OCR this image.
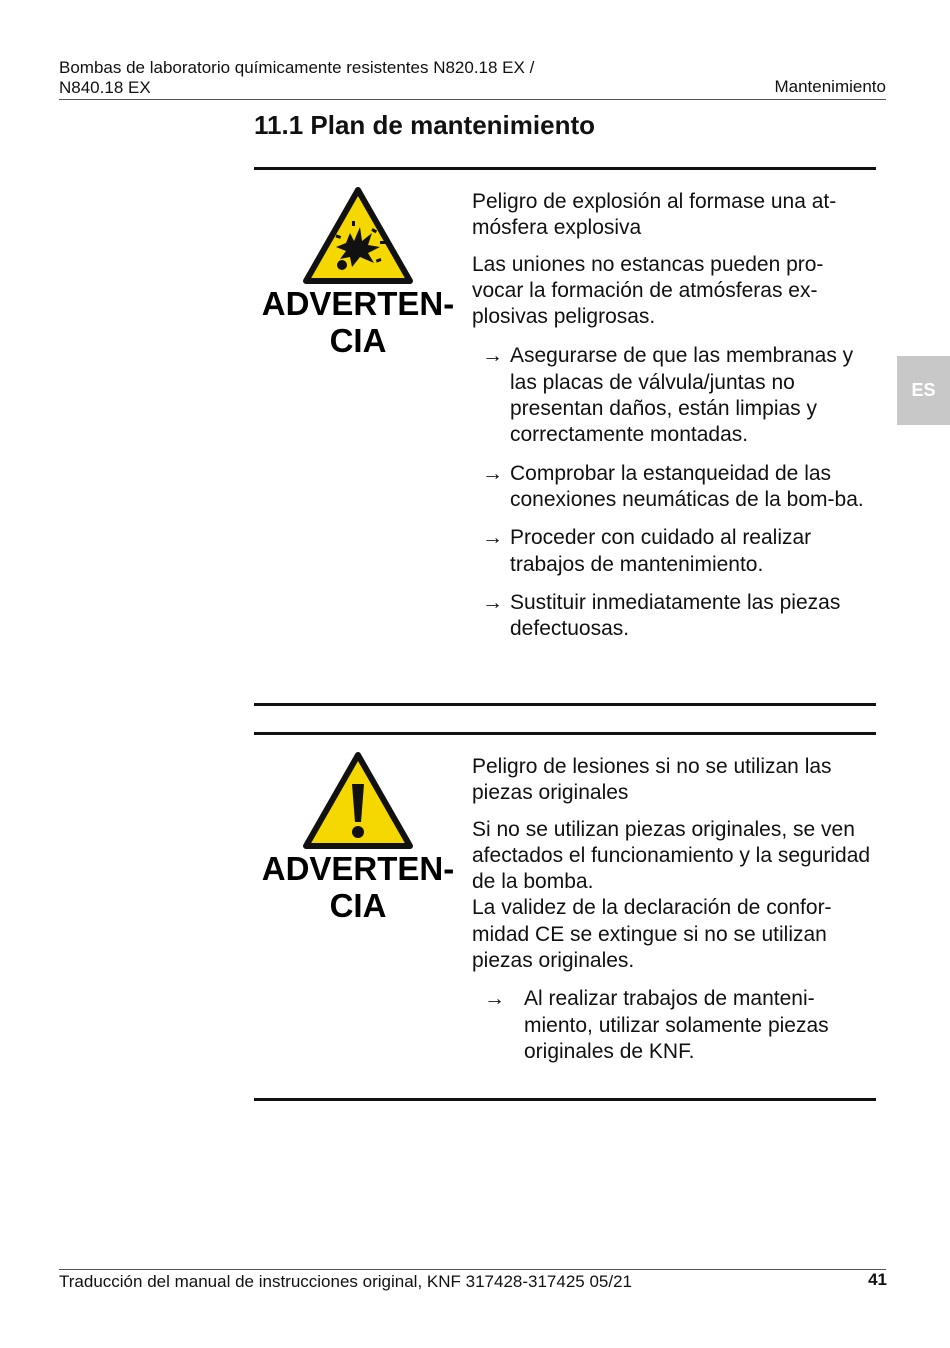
Bombas de laboratorio químicamente resistentes N820.18 EX /
N840.18 EX	Mantenimiento
11.1 Plan de mantenimiento
ES
ADVERTEN-
CIA

Peligro de explosión al formase una at-mósfera explosiva

Las uniones no estancas pueden pro-vocar la formación de atmósferas ex-plosivas peligrosas.

→ Asegurarse de que las membranas y las placas de válvula/juntas no presentan daños, están limpias y correctamente montadas.
→ Comprobar la estanqueidad de las conexiones neumáticas de la bom-ba.
→ Proceder con cuidado al realizar trabajos de mantenimiento.
→ Sustituir inmediatamente las piezas defectuosas.
ADVERTEN-
CIA

Peligro de lesiones si no se utilizan las piezas originales

Si no se utilizan piezas originales, se ven afectados el funcionamiento y la seguridad de la bomba.

La validez de la declaración de confor-midad CE se extingue si no se utilizan piezas originales.

→ Al realizar trabajos de manteni-miento, utilizar solamente piezas originales de KNF.
Traducción del manual de instrucciones original, KNF 317428-317425 05/21	41
